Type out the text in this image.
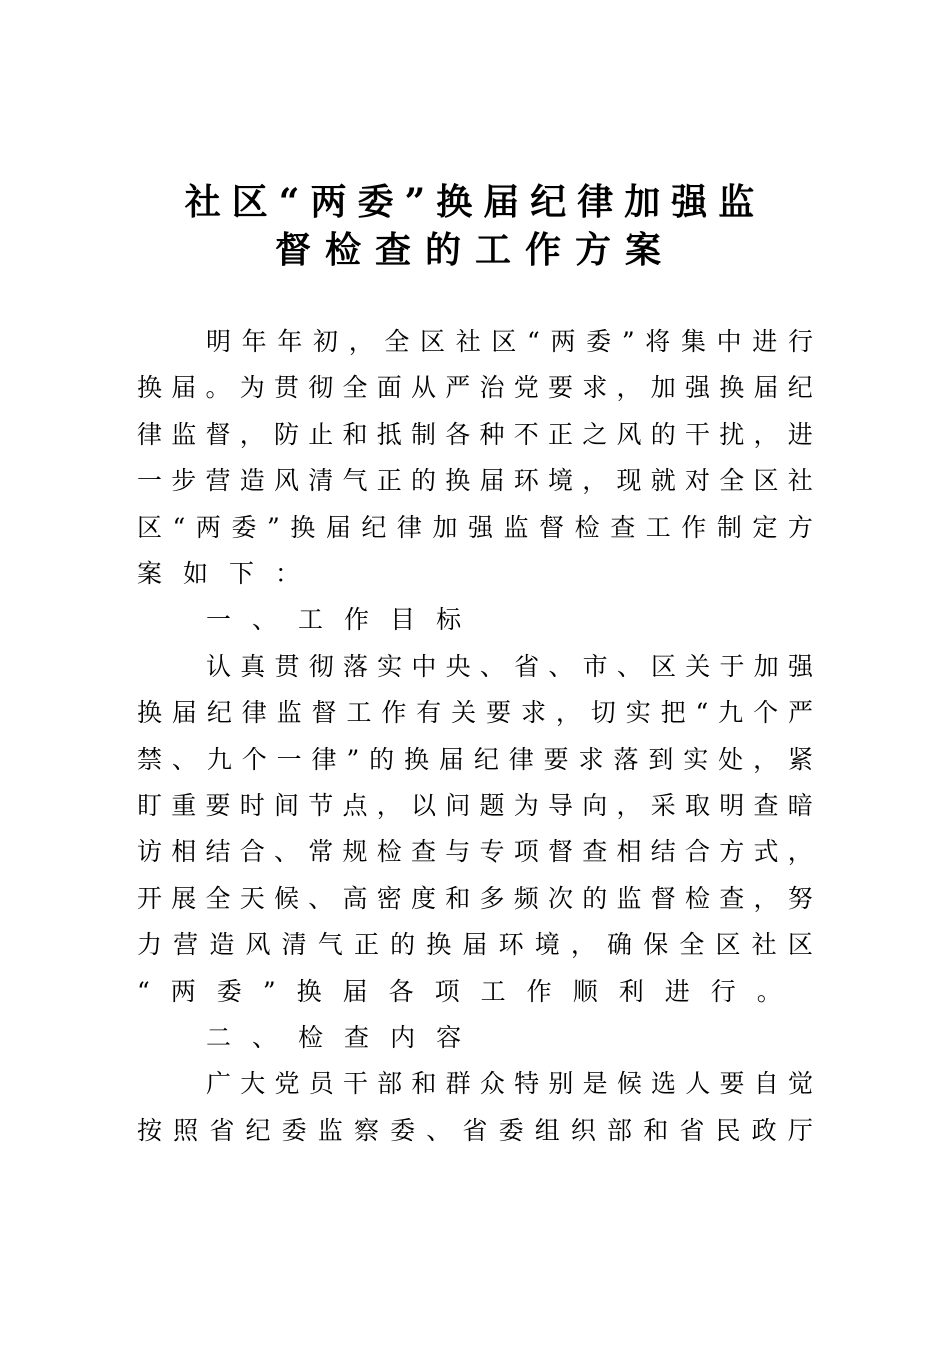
社区“两委”换届纪律加强监
督检查的工作方案
明 年 年 初 ， 全 区 社 区 “ 两 委 ” 将 集 中 进 行
换 届 。 为 贯 彻 全 面 从 严 治 党 要 求 ， 加 强 换 届 纪
律 监 督 ， 防 止 和 抵 制 各 种 不 正 之 风 的 干 扰 ， 进
一 步 营 造 风 清 气 正 的 换 届 环 境 ， 现 就 对 全 区 社
区 “ 两 委 ” 换 届 纪 律 加 强 监 督 检 查 工 作 制 定 方
案 如 下 ：
一 、 工 作 目 标
认 真 贯 彻 落 实 中 央 、 省 、 市 、 区 关 于 加 强
换 届 纪 律 监 督 工 作 有 关 要 求 ， 切 实 把 “ 九 个 严
禁 、 九 个 一 律 ” 的 换 届 纪 律 要 求 落 到 实 处 ， 紧
盯 重 要 时 间 节 点 ， 以 问 题 为 导 向 ， 采 取 明 查 暗
访 相 结 合 、 常 规 检 查 与 专 项 督 查 相 结 合 方 式 ，
开 展 全 天 候 、 高 密 度 和 多 频 次 的 监 督 检 查 ， 努
力 营 造 风 清 气 正 的 换 届 环 境 ， 确 保 全 区 社 区
“ 两 委 ” 换 届 各 项 工 作 顺 利 进 行 。
二 、 检 查 内 容
广 大 党 员 干 部 和 群 众 特 别 是 候 选 人 要 自 觉
按 照 省 纪 委 监 察 委 、 省 委 组 织 部 和 省 民 政 厅
